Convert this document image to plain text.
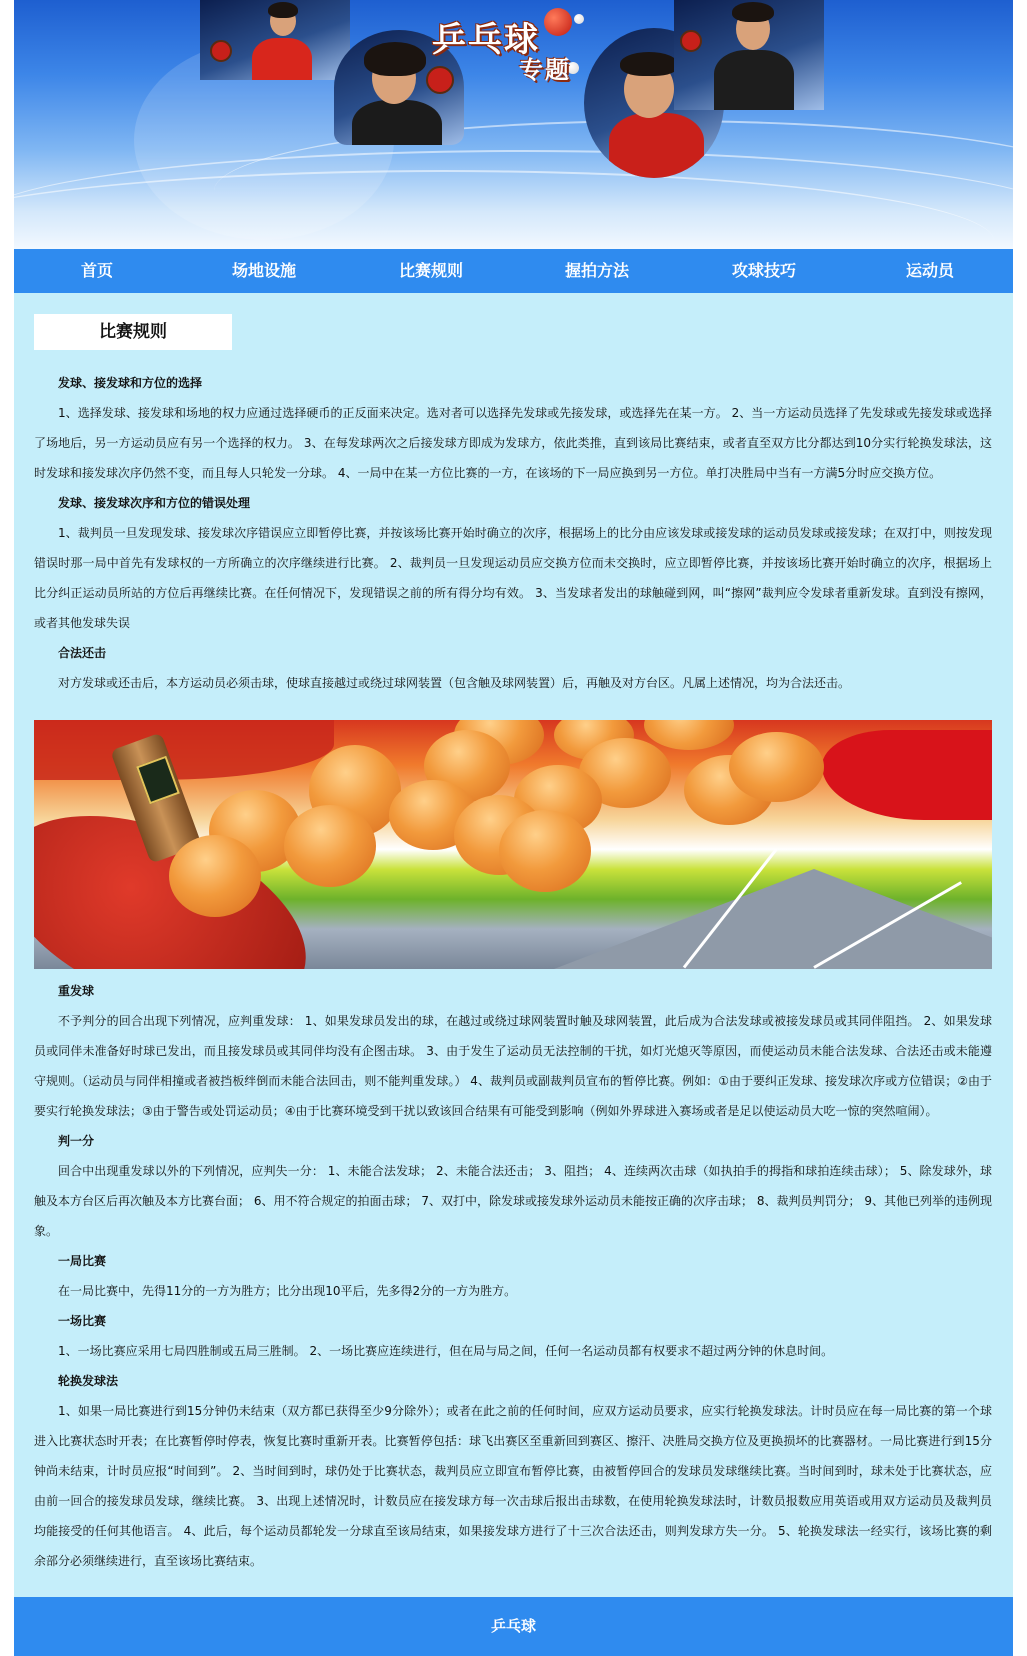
乒乓球
专题
首页	场地设施	比赛规则	握拍方法	攻球技巧	运动员
比赛规则
发球、接发球和方位的选择

1、选择发球、接发球和场地的权力应通过选择硬币的正反面来决定。选对者可以选择先发球或先接发球，或选择先在某一方。 2、当一方运动员选择了先发球或先接发球或选择了场地后，另一方运动员应有另一个选择的权力。 3、在每发球两次之后接发球方即成为发球方，依此类推，直到该局比赛结束，或者直至双方比分都达到10分实行轮换发球法，这时发球和接发球次序仍然不变，而且每人只轮发一分球。 4、一局中在某一方位比赛的一方，在该场的下一局应换到另一方位。单打决胜局中当有一方满5分时应交换方位。

发球、接发球次序和方位的错误处理

1、裁判员一旦发现发球、接发球次序错误应立即暂停比赛，并按该场比赛开始时确立的次序，根据场上的比分由应该发球或接发球的运动员发球或接发球；在双打中，则按发现错误时那一局中首先有发球权的一方所确立的次序继续进行比赛。 2、裁判员一旦发现运动员应交换方位而未交换时，应立即暂停比赛，并按该场比赛开始时确立的次序，根据场上比分纠正运动员所站的方位后再继续比赛。在任何情况下，发现错误之前的所有得分均有效。 3、当发球者发出的球触碰到网，叫“擦网”裁判应令发球者重新发球。直到没有擦网，或者其他发球失误

合法还击

对方发球或还击后，本方运动员必须击球，使球直接越过或绕过球网装置（包含触及球网装置）后，再触及对方台区。凡属上述情况，均为合法还击。

重发球

不予判分的回合出现下列情况，应判重发球： 1、如果发球员发出的球，在越过或绕过球网装置时触及球网装置，此后成为合法发球或被接发球员或其同伴阻挡。 2、如果发球员或同伴未准备好时球已发出，而且接发球员或其同伴均没有企图击球。 3、由于发生了运动员无法控制的干扰，如灯光熄灭等原因，而使运动员未能合法发球、合法还击或未能遵守规则。（运动员与同伴相撞或者被挡板绊倒而未能合法回击，则不能判重发球。） 4、裁判员或副裁判员宣布的暂停比赛。例如：①由于要纠正发球、接发球次序或方位错误；②由于要实行轮换发球法；③由于警告或处罚运动员；④由于比赛环境受到干扰以致该回合结果有可能受到影响（例如外界球进入赛场或者是足以使运动员大吃一惊的突然喧闹）。

判一分

回合中出现重发球以外的下列情况，应判失一分： 1、未能合法发球； 2、未能合法还击； 3、阻挡； 4、连续两次击球（如执拍手的拇指和球拍连续击球）； 5、除发球外，球触及本方台区后再次触及本方比赛台面； 6、用不符合规定的拍面击球； 7、双打中，除发球或接发球外运动员未能按正确的次序击球； 8、裁判员判罚分； 9、其他已列举的违例现象。

一局比赛

在一局比赛中，先得11分的一方为胜方；比分出现10平后，先多得2分的一方为胜方。

一场比赛

1、一场比赛应采用七局四胜制或五局三胜制。 2、一场比赛应连续进行，但在局与局之间，任何一名运动员都有权要求不超过两分钟的休息时间。

轮换发球法

1、如果一局比赛进行到15分钟仍未结束（双方都已获得至少9分除外）；或者在此之前的任何时间，应双方运动员要求，应实行轮换发球法。计时员应在每一局比赛的第一个球进入比赛状态时开表；在比赛暂停时停表，恢复比赛时重新开表。比赛暂停包括：球飞出赛区至重新回到赛区、擦汗、决胜局交换方位及更换损坏的比赛器材。一局比赛进行到15分钟尚未结束，计时员应报“时间到”。 2、当时间到时，球仍处于比赛状态，裁判员应立即宣布暂停比赛，由被暂停回合的发球员发球继续比赛。当时间到时，球未处于比赛状态，应由前一回合的接发球员发球，继续比赛。 3、出现上述情况时，计数员应在接发球方每一次击球后报出击球数，在使用轮换发球法时，计数员报数应用英语或用双方运动员及裁判员均能接受的任何其他语言。 4、此后，每个运动员都轮发一分球直至该局结束，如果接发球方进行了十三次合法还击，则判发球方失一分。 5、轮换发球法一经实行，该场比赛的剩余部分必须继续进行，直至该场比赛结束。

乒乓球
